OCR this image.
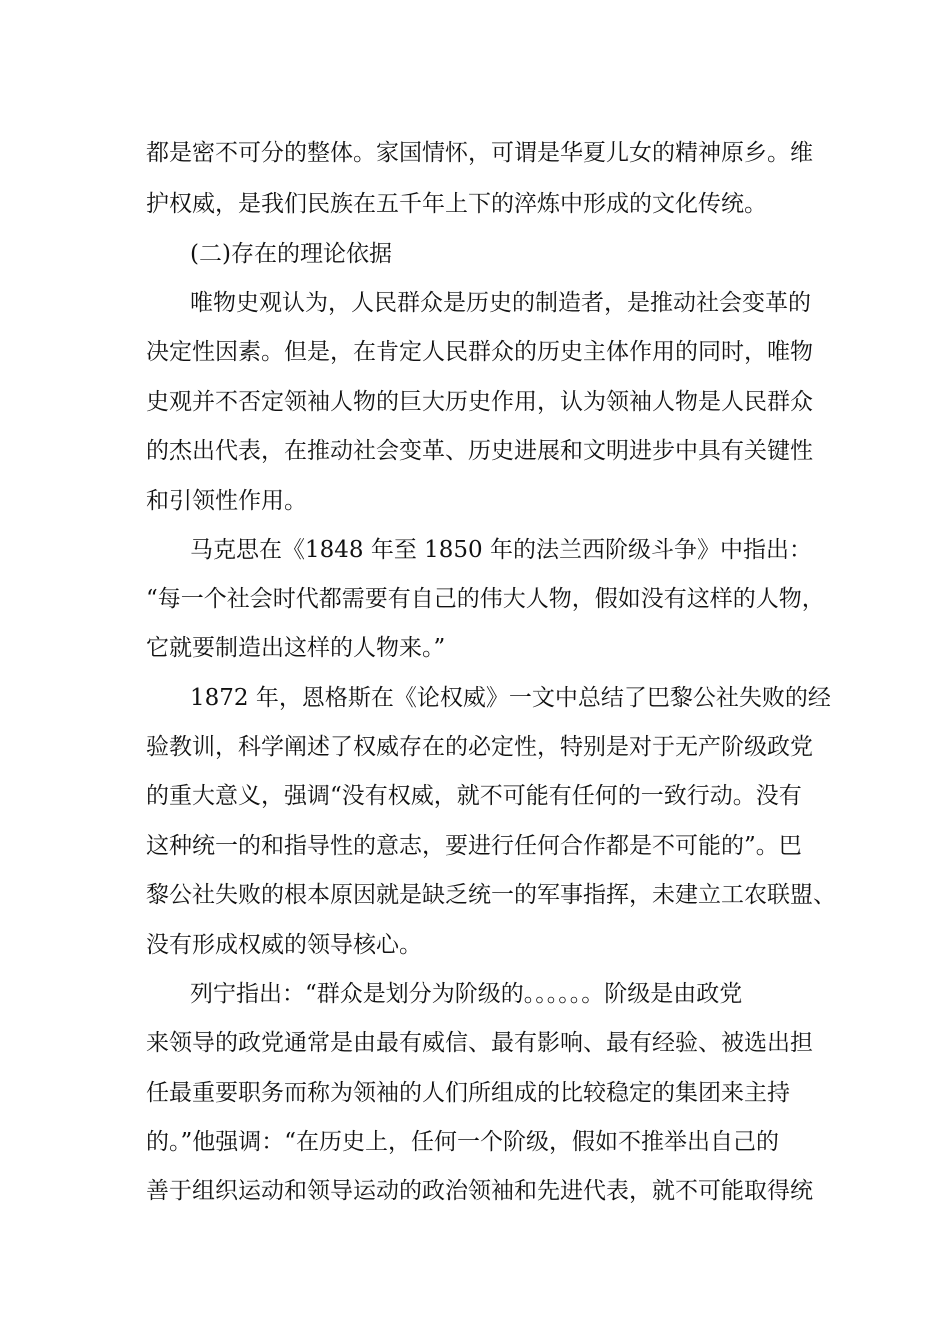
都是密不可分的整体。家国情怀，可谓是华夏儿女的精神原乡。维
护权威，是我们民族在五千年上下的淬炼中形成的文化传统。
(二)存在的理论依据
唯物史观认为，人民群众是历史的制造者，是推动社会变革的
决定性因素。但是，在肯定人民群众的历史主体作用的同时，唯物
史观并不否定领袖人物的巨大历史作用，认为领袖人物是人民群众
的杰出代表，在推动社会变革、历史进展和文明进步中具有关键性
和引领性作用。
马克思在《1848 年至 1850 年的法兰西阶级斗争》中指出：
“每一个社会时代都需要有自己的伟大人物，假如没有这样的人物，
它就要制造出这样的人物来。”
1872 年，恩格斯在《论权威》一文中总结了巴黎公社失败的经
验教训，科学阐述了权威存在的必定性，特别是对于无产阶级政党
的重大意义，强调“没有权威，就不可能有任何的一致行动。没有
这种统一的和指导性的意志，要进行任何合作都是不可能的”。巴
黎公社失败的根本原因就是缺乏统一的军事指挥，未建立工农联盟、
没有形成权威的领导核心。
列宁指出：“群众是划分为阶级的。。。。。。阶级是由政党
来领导的政党通常是由最有威信、最有影响、最有经验、被选出担
任最重要职务而称为领袖的人们所组成的比较稳定的集团来主持
的。”他强调：“在历史上，任何一个阶级，假如不推举出自己的
善于组织运动和领导运动的政治领袖和先进代表，就不可能取得统
